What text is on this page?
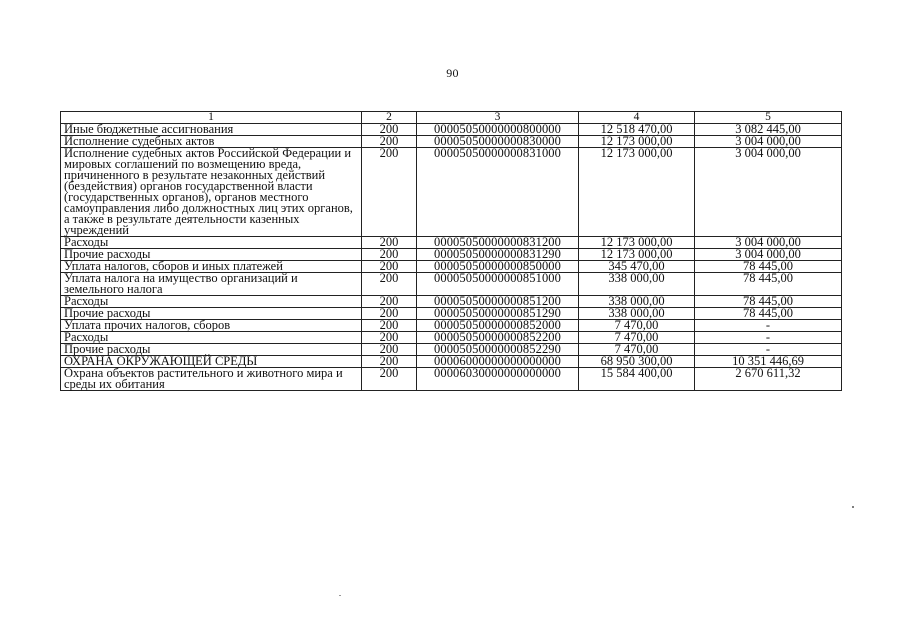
90
1	2	3	4	5
Иные бюджетные ассигнования	200	00005050000000800000	12 518 470,00	3 082 445,00
Исполнение судебных актов	200	00005050000000830000	12 173 000,00	3 004 000,00
Исполнение судебных актов Российской Федерации и мировых соглашений по возмещению вреда, причиненного в результате незаконных действий (бездействия) органов государственной власти (государственных органов), органов местного самоуправления либо должностных лиц этих органов, а также в результате деятельности казенных учреждений	200	00005050000000831000	12 173 000,00	3 004 000,00
Расходы	200	00005050000000831200	12 173 000,00	3 004 000,00
Прочие расходы	200	00005050000000831290	12 173 000,00	3 004 000,00
Уплата налогов, сборов и иных платежей	200	00005050000000850000	345 470,00	78 445,00
Уплата налога на имущество организаций и земельного налога	200	00005050000000851000	338 000,00	78 445,00
Расходы	200	00005050000000851200	338 000,00	78 445,00
Прочие расходы	200	00005050000000851290	338 000,00	78 445,00
Уплата прочих налогов, сборов	200	00005050000000852000	7 470,00	-
Расходы	200	00005050000000852200	7 470,00	-
Прочие расходы	200	00005050000000852290	7 470,00	-
ОХРАНА ОКРУЖАЮЩЕЙ СРЕДЫ	200	00006000000000000000	68 950 300,00	10 351 446,69
Охрана объектов растительного и животного мира и среды их обитания	200	00006030000000000000	15 584 400,00	2 670 611,32
